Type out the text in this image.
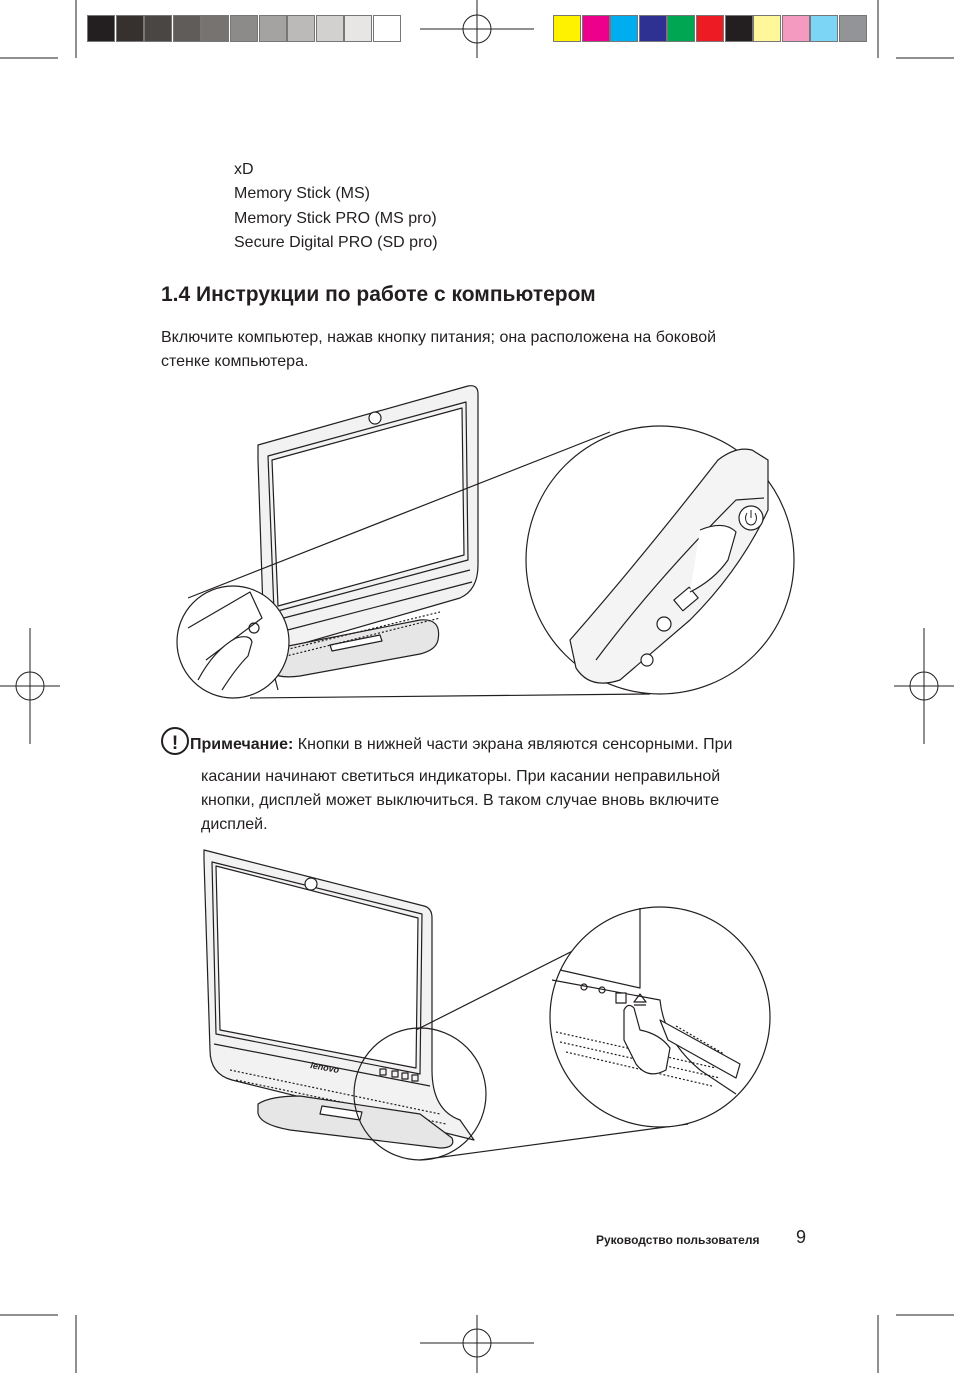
xD
Memory Stick (MS)
Memory Stick PRO (MS pro)
Secure Digital PRO (SD pro)
1.4 Инструкции по работе с компьютером
Включите компьютер, нажав кнопку питания; она расположена на боковой
стенке компьютера.
! Примечание: Кнопки в нижней части экрана являются сенсорными. При
касании начинают светиться индикаторы. При касании неправильной
кнопки, дисплей может выключиться. В таком случае вновь включите
дисплей.
lenovo
Руководство пользователя 9
